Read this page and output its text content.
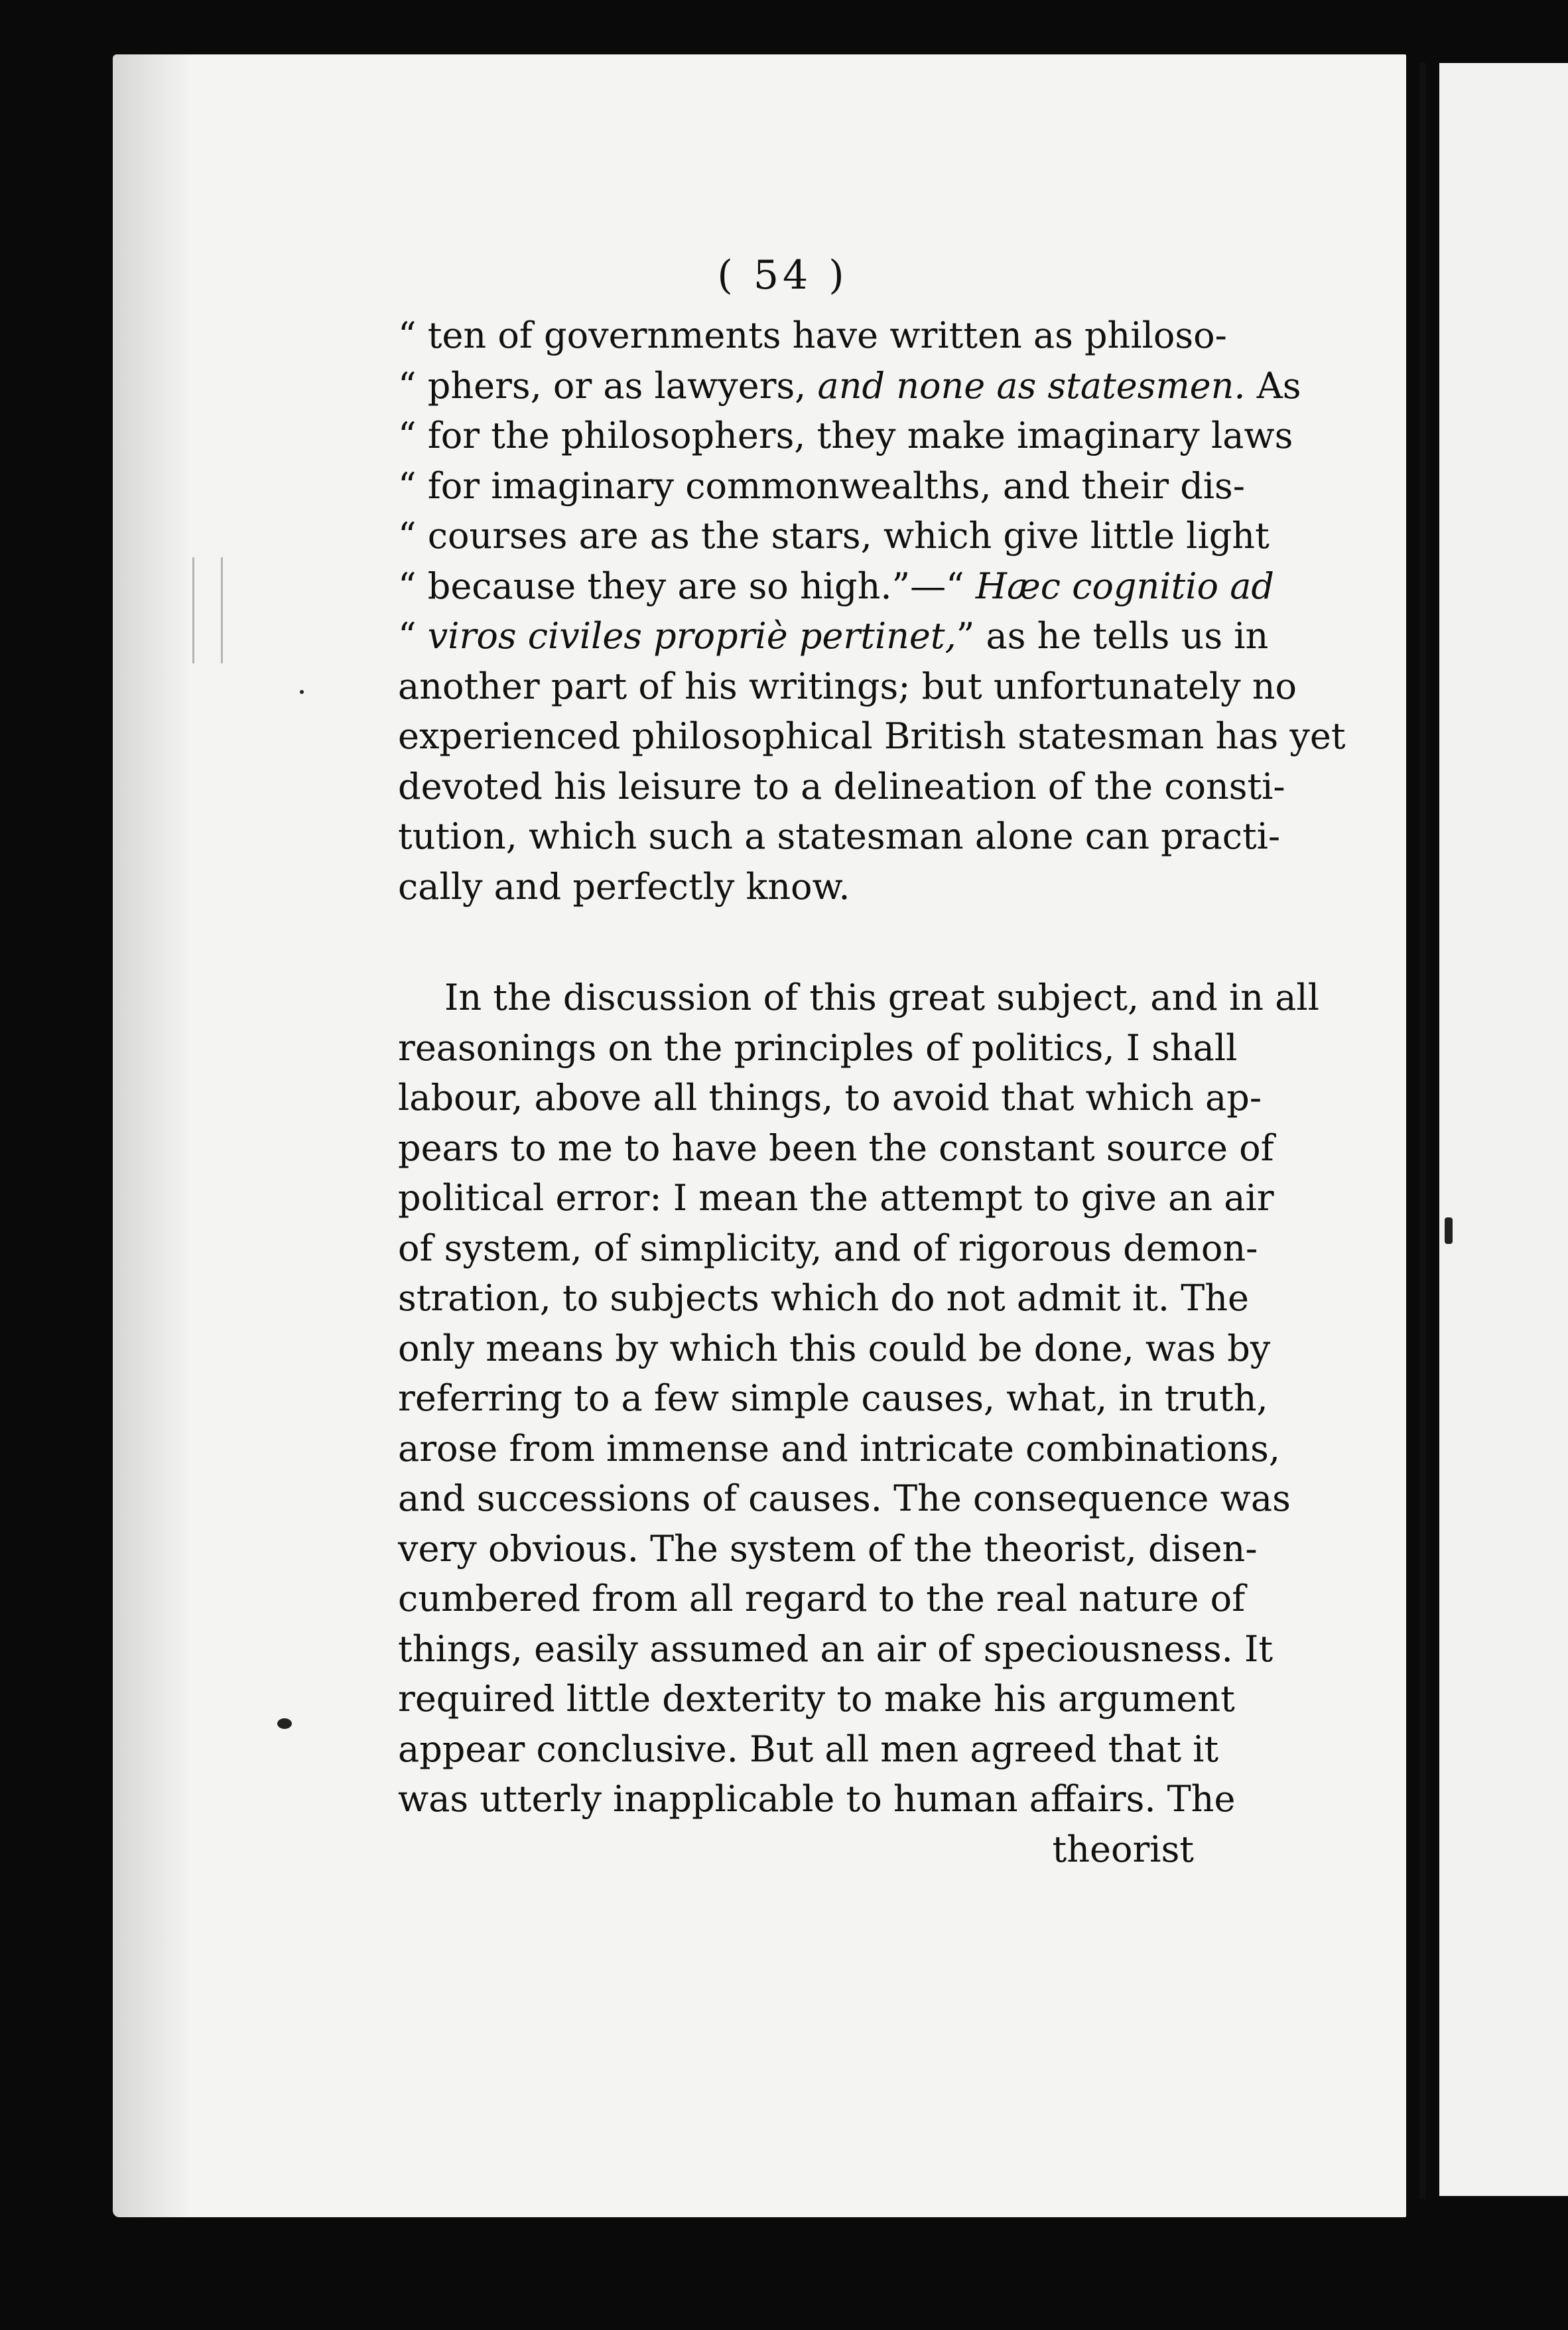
( 54 )
“ ten of governments have written as philoso-
“ phers, or as lawyers, and none as statesmen. As
“ for the philosophers, they make imaginary laws
“ for imaginary commonwealths, and their dis-
“ courses are as the stars, which give little light
“ because they are so high.”—“ Hæc cognitio ad
“ viros civiles propriè pertinet,” as he tells us in
another part of his writings; but unfortunately no
experienced philosophical British statesman has yet
devoted his leisure to a delineation of the consti-
tution, which such a statesman alone can practi-
cally and perfectly know.
In the discussion of this great subject, and in all
reasonings on the principles of politics, I shall
labour, above all things, to avoid that which ap-
pears to me to have been the constant source of
political error: I mean the attempt to give an air
of system, of simplicity, and of rigorous demon-
stration, to subjects which do not admit it. The
only means by which this could be done, was by
referring to a few simple causes, what, in truth,
arose from immense and intricate combinations,
and successions of causes. The consequence was
very obvious. The system of the theorist, disen-
cumbered from all regard to the real nature of
things, easily assumed an air of speciousness. It
required little dexterity to make his argument
appear conclusive. But all men agreed that it
was utterly inapplicable to human affairs. The
theorist
